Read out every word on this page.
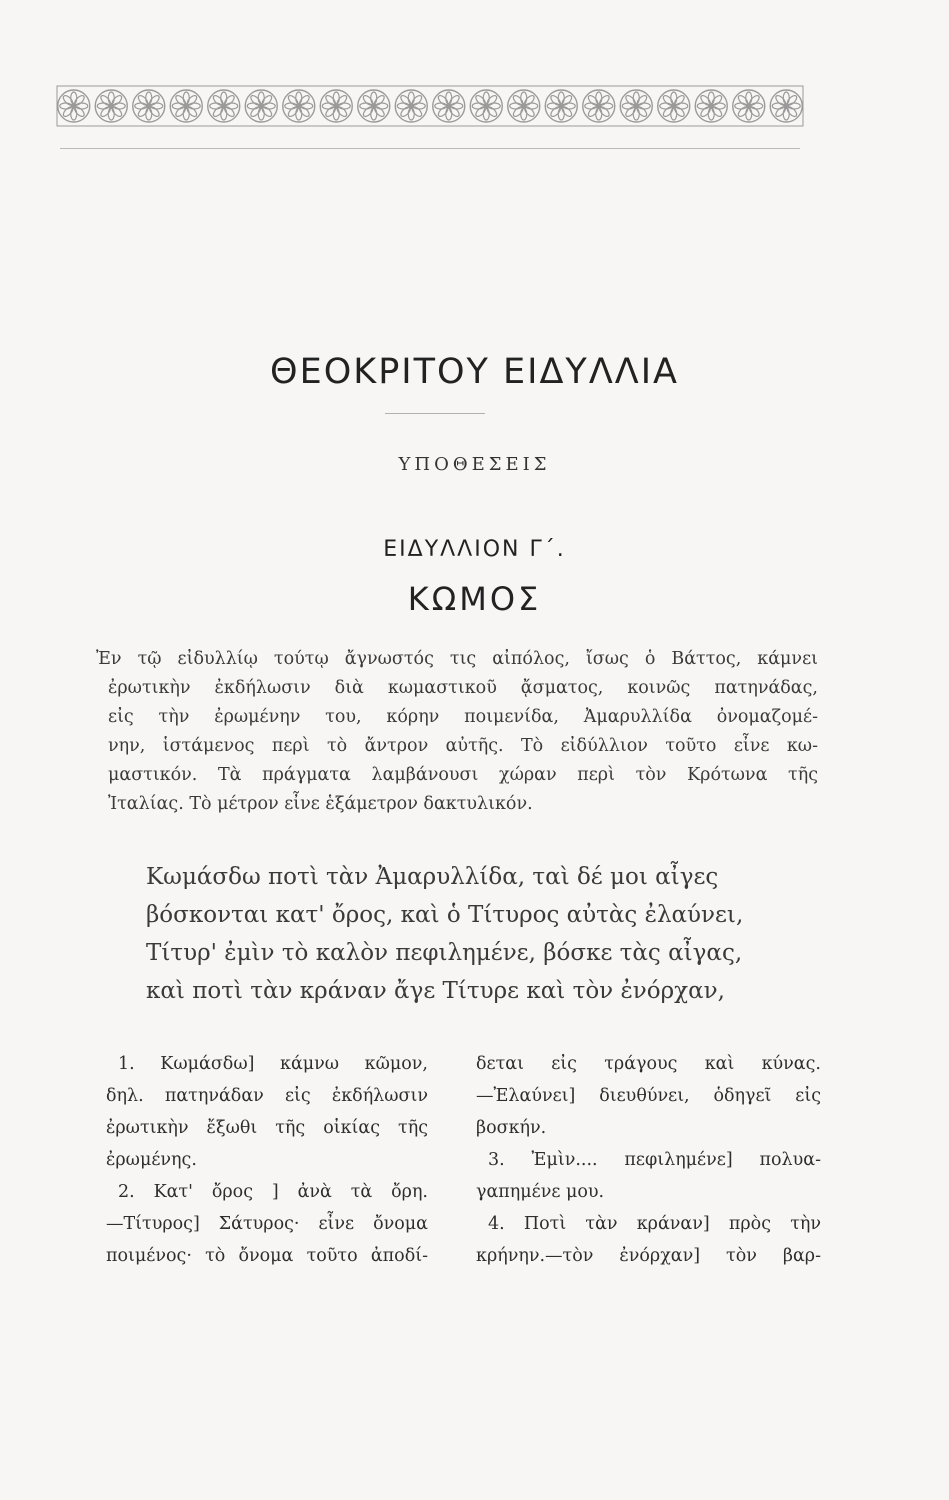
ΘΕΟΚΡΙΤΟΥ ΕΙΔΥΛΛΙΑ
ΥΠΟΘΕΣΕΙΣ
ΕΙΔΥΛΛΙΟΝ Γ΄.
ΚΩΜΟΣ
Ἐν τῷ εἰδυλλίῳ τούτῳ ἄγνωστός τις αἰπόλος, ἴσως ὁ Βάττος, κάμνει
ἐρωτικὴν ἐκδήλωσιν διὰ κωμαστικοῦ ᾄσματος, κοινῶς πατηνάδας,
εἰς τὴν ἐρωμένην του, κόρην ποιμενίδα, Ἀμαρυλλίδα ὀνομαζομέ-
νην, ἱστάμενος περὶ τὸ ἄντρον αὐτῆς. Τὸ εἰδύλλιον τοῦτο εἶνε κω-
μαστικόν. Τὰ πράγματα λαμβάνουσι χώραν περὶ τὸν Κρότωνα τῆς
Ἰταλίας. Τὸ μέτρον εἶνε ἑξάμετρον δακτυλικόν.
Κωμάσδω ποτὶ τὰν Ἀμαρυλλίδα, ταὶ δέ μοι αἶγες
βόσκονται κατ' ὄρος, καὶ ὁ Τίτυρος αὐτὰς ἐλαύνει,
Τίτυρ' ἐμὶν τὸ καλὸν πεφιλημένε, βόσκε τὰς αἶγας,
καὶ ποτὶ τὰν κράναν ἄγε Τίτυρε καὶ τὸν ἐνόρχαν,
1. Κωμάσδω] κάμνω κῶμον,
δηλ. πατηνάδαν εἰς ἐκδήλωσιν
ἐρωτικὴν ἔξωθι τῆς οἰκίας τῆς
ἐρωμένης.
2. Κατ' ὄρος ] ἀνὰ τὰ ὄρη.
—Τίτυρος] Σάτυρος· εἶνε ὄνομα
ποιμένος· τὸ ὄνομα τοῦτο ἀποδί-
δεται εἰς τράγους καὶ κύνας.
—Ἐλαύνει] διευθύνει, ὁδηγεῖ εἰς
βοσκήν.
3. Ἐμὶν.... πεφιλημένε] πολυα-
γαπημένε μου.
4. Ποτὶ τὰν κράναν] πρὸς τὴν
κρήνην.—τὸν ἐνόρχαν] τὸν βαρ-
